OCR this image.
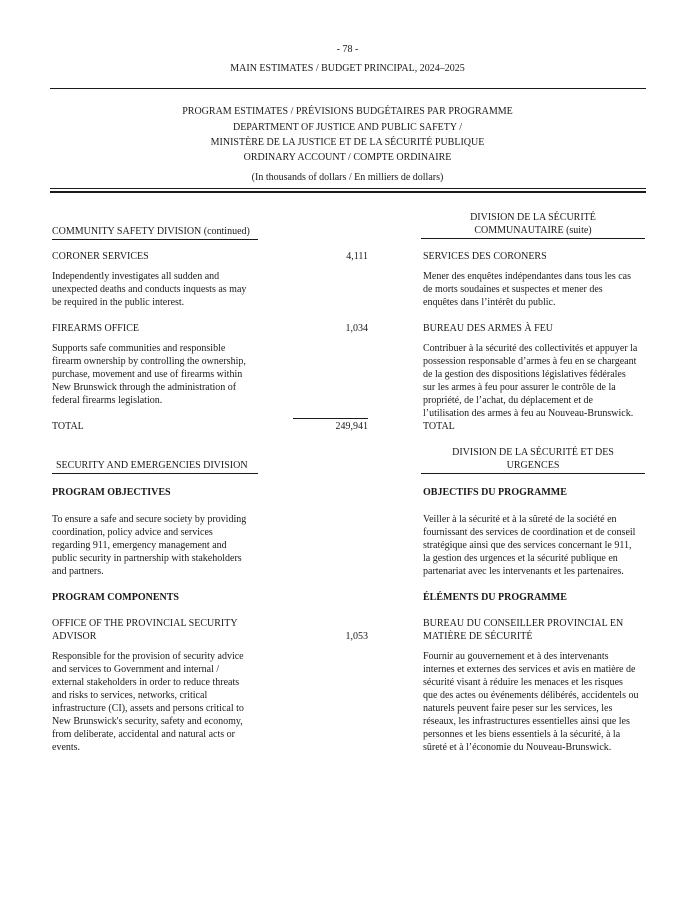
- 78 -
MAIN ESTIMATES / BUDGET PRINCIPAL, 2024–2025
PROGRAM ESTIMATES / PRÉVISIONS BUDGÉTAIRES PAR PROGRAMME
DEPARTMENT OF JUSTICE AND PUBLIC SAFETY /
MINISTÈRE DE LA JUSTICE ET DE LA SÉCURITÉ PUBLIQUE
ORDINARY ACCOUNT / COMPTE ORDINAIRE
(In thousands of dollars / En milliers de dollars)
COMMUNITY SAFETY DIVISION (continued)
DIVISION DE LA SÉCURITÉ
COMMUNAUTAIRE (suite)
CORONER SERVICES	4,111	SERVICES DES CORONERS
Independently investigates all sudden and
unexpected deaths and conducts inquests as may
be required in the public interest.
Mener des enquêtes indépendantes dans tous les cas
de morts soudaines et suspectes et mener des
enquêtes dans l’intérêt du public.
FIREARMS OFFICE	1,034	BUREAU DES ARMES À FEU
Supports safe communities and responsible
firearm ownership by controlling the ownership,
purchase, movement and use of firearms within
New Brunswick through the administration of
federal firearms legislation.
Contribuer à la sécurité des collectivités et appuyer la
possession responsable d’armes à feu en se chargeant
de la gestion des dispositions législatives fédérales
sur les armes à feu pour assurer le contrôle de la
propriété, de l’achat, du déplacement et de
l’utilisation des armes à feu au Nouveau-Brunswick.
TOTAL	249,941	TOTAL
SECURITY AND EMERGENCIES DIVISION
DIVISION DE LA SÉCURITÉ ET DES
URGENCES
PROGRAM OBJECTIVES	OBJECTIFS DU PROGRAMME
To ensure a safe and secure society by providing
coordination, policy advice and services
regarding 911, emergency management and
public security in partnership with stakeholders
and partners.
Veiller à la sécurité et à la sûreté de la société en
fournissant des services de coordination et de conseil
stratégique ainsi que des services concernant le 911,
la gestion des urgences et la sécurité publique en
partenariat avec les intervenants et les partenaires.
PROGRAM COMPONENTS	ÉLÉMENTS DU PROGRAMME
OFFICE OF THE PROVINCIAL SECURITY
ADVISOR	1,053
BUREAU DU CONSEILLER PROVINCIAL EN
MATIÈRE DE SÉCURITÉ
Responsible for the provision of security advice
and services to Government and internal /
external stakeholders in order to reduce threats
and risks to services, networks, critical
infrastructure (CI), assets and persons critical to
New Brunswick's security, safety and economy,
from deliberate, accidental and natural acts or
events.
Fournir au gouvernement et à des intervenants
internes et externes des services et avis en matière de
sécurité visant à réduire les menaces et les risques
que des actes ou événements délibérés, accidentels ou
naturels peuvent faire peser sur les services, les
réseaux, les infrastructures essentielles ainsi que les
personnes et les biens essentiels à la sécurité, à la
sûreté et à l’économie du Nouveau-Brunswick.
